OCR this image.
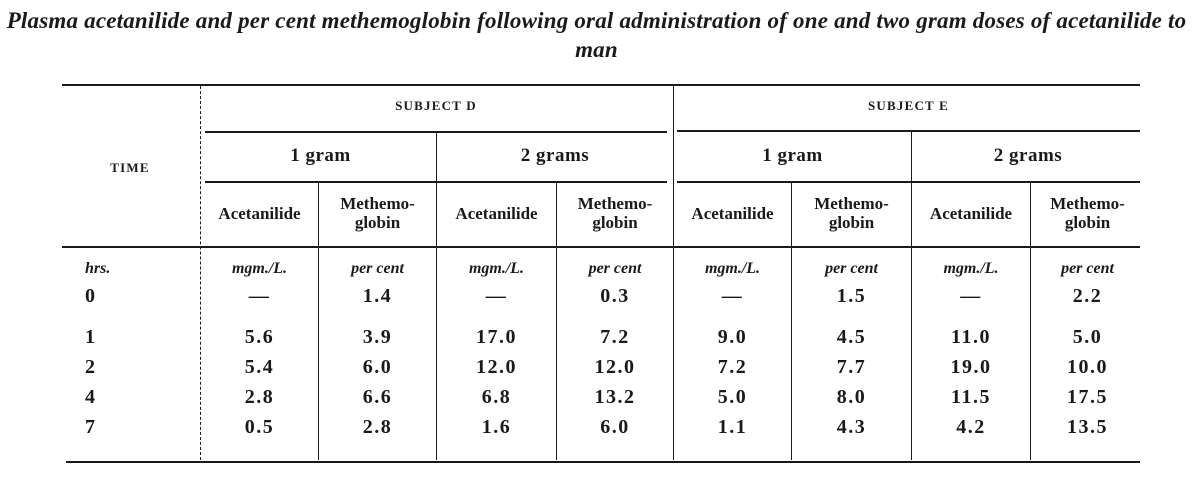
Plasma acetanilide and per cent methemoglobin following oral administration of one and two gram doses of acetanilide to man
TIME
SUBJECT D	SUBJECT E
1 gram	2 grams	1 gram	2 grams
Acetanilide
Methemo-
globin	Acetanilide
Methemo-
globin	Acetanilide
Methemo-
globin	Acetanilide
Methemo-
globin
hrs.	mgm./L.	per cent	mgm./L.	per cent	mgm./L.	per cent	mgm./L.	per cent
0	—	1.4	—	0.3	—	1.5	—	2.2
1	5.6	3.9	17.0	7.2	9.0	4.5	11.0	5.0
2	5.4	6.0	12.0	12.0	7.2	7.7	19.0	10.0
4	2.8	6.6	6.8	13.2	5.0	8.0	11.5	17.5
7	0.5	2.8	1.6	6.0	1.1	4.3	4.2	13.5
